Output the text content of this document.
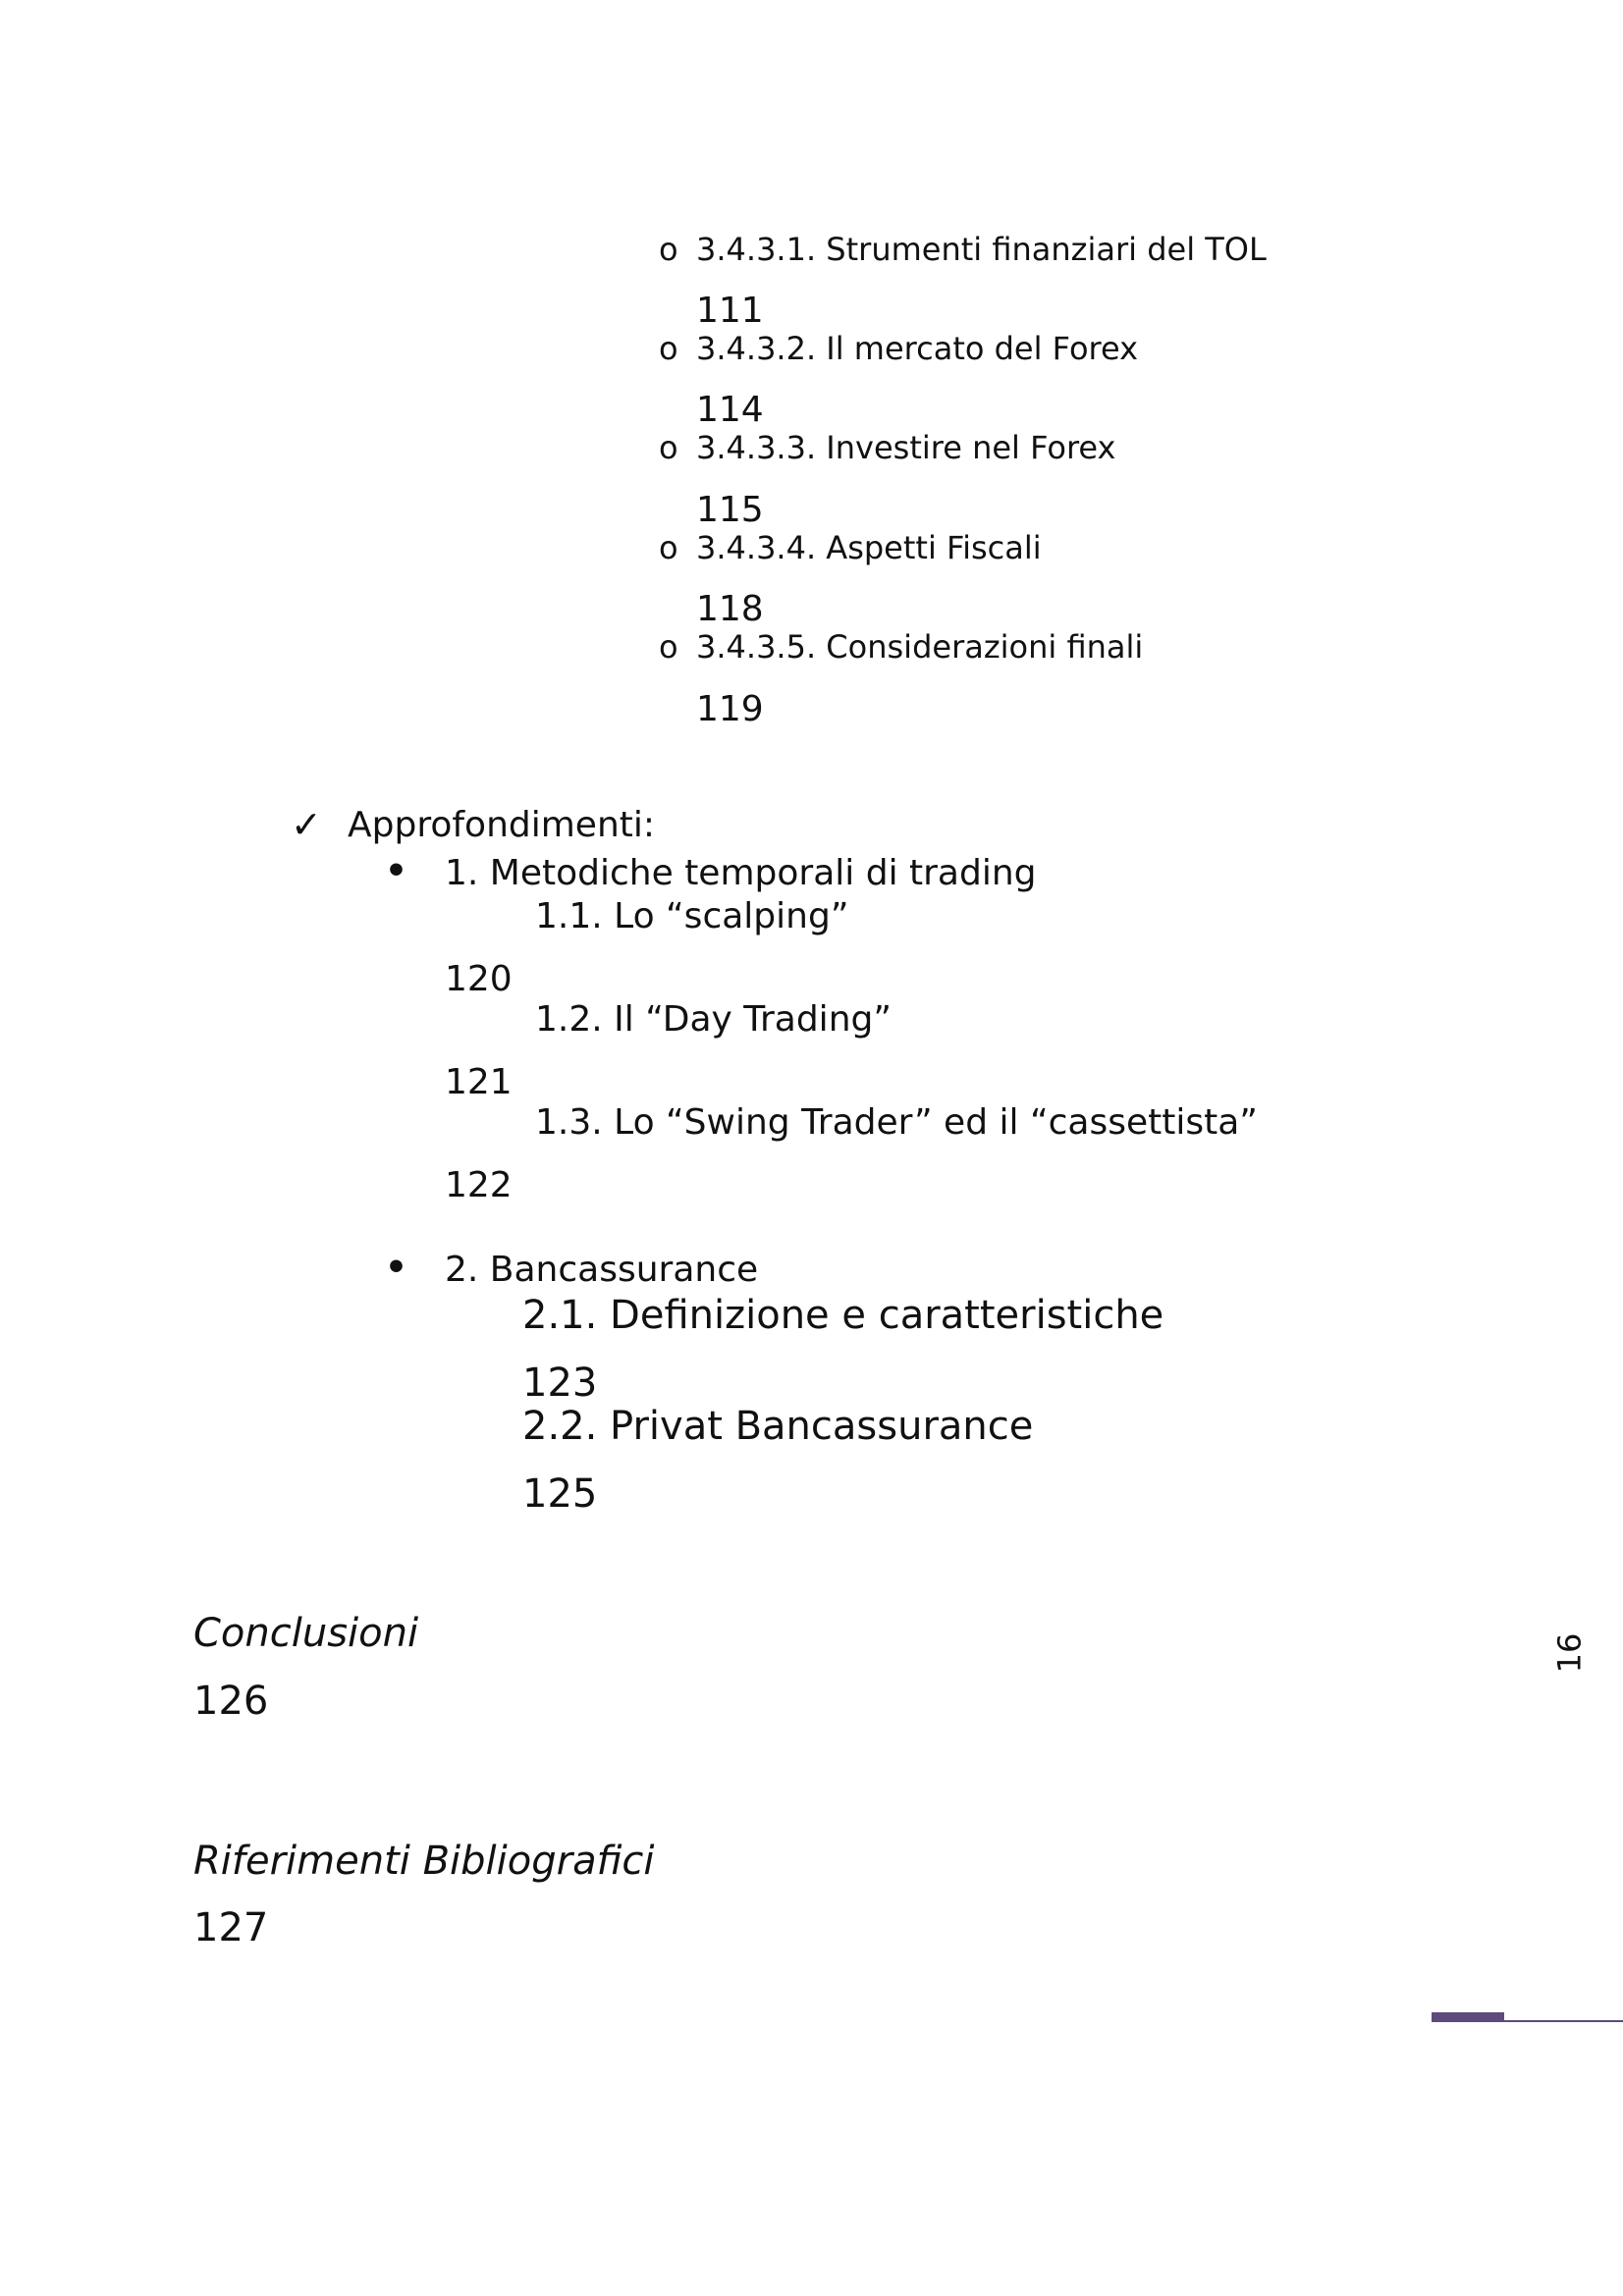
o 3.4.3.1. Strumenti finanziari del TOL
111
o 3.4.3.2. Il mercato del Forex
114
o 3.4.3.3. Investire nel Forex
115
o 3.4.3.4. Aspetti Fiscali
118
o 3.4.3.5. Considerazioni finali
119
✓ Approfondimenti:
• 1. Metodiche temporali di trading
1.1. Lo “scalping”
120
1.2. Il “Day Trading”
121
1.3. Lo “Swing Trader” ed il “cassettista”
122
• 2. Bancassurance
2.1. Definizione e caratteristiche
123
2.2. Privat Bancassurance
125
Conclusioni
126
Riferimenti Bibliografici
127
16
